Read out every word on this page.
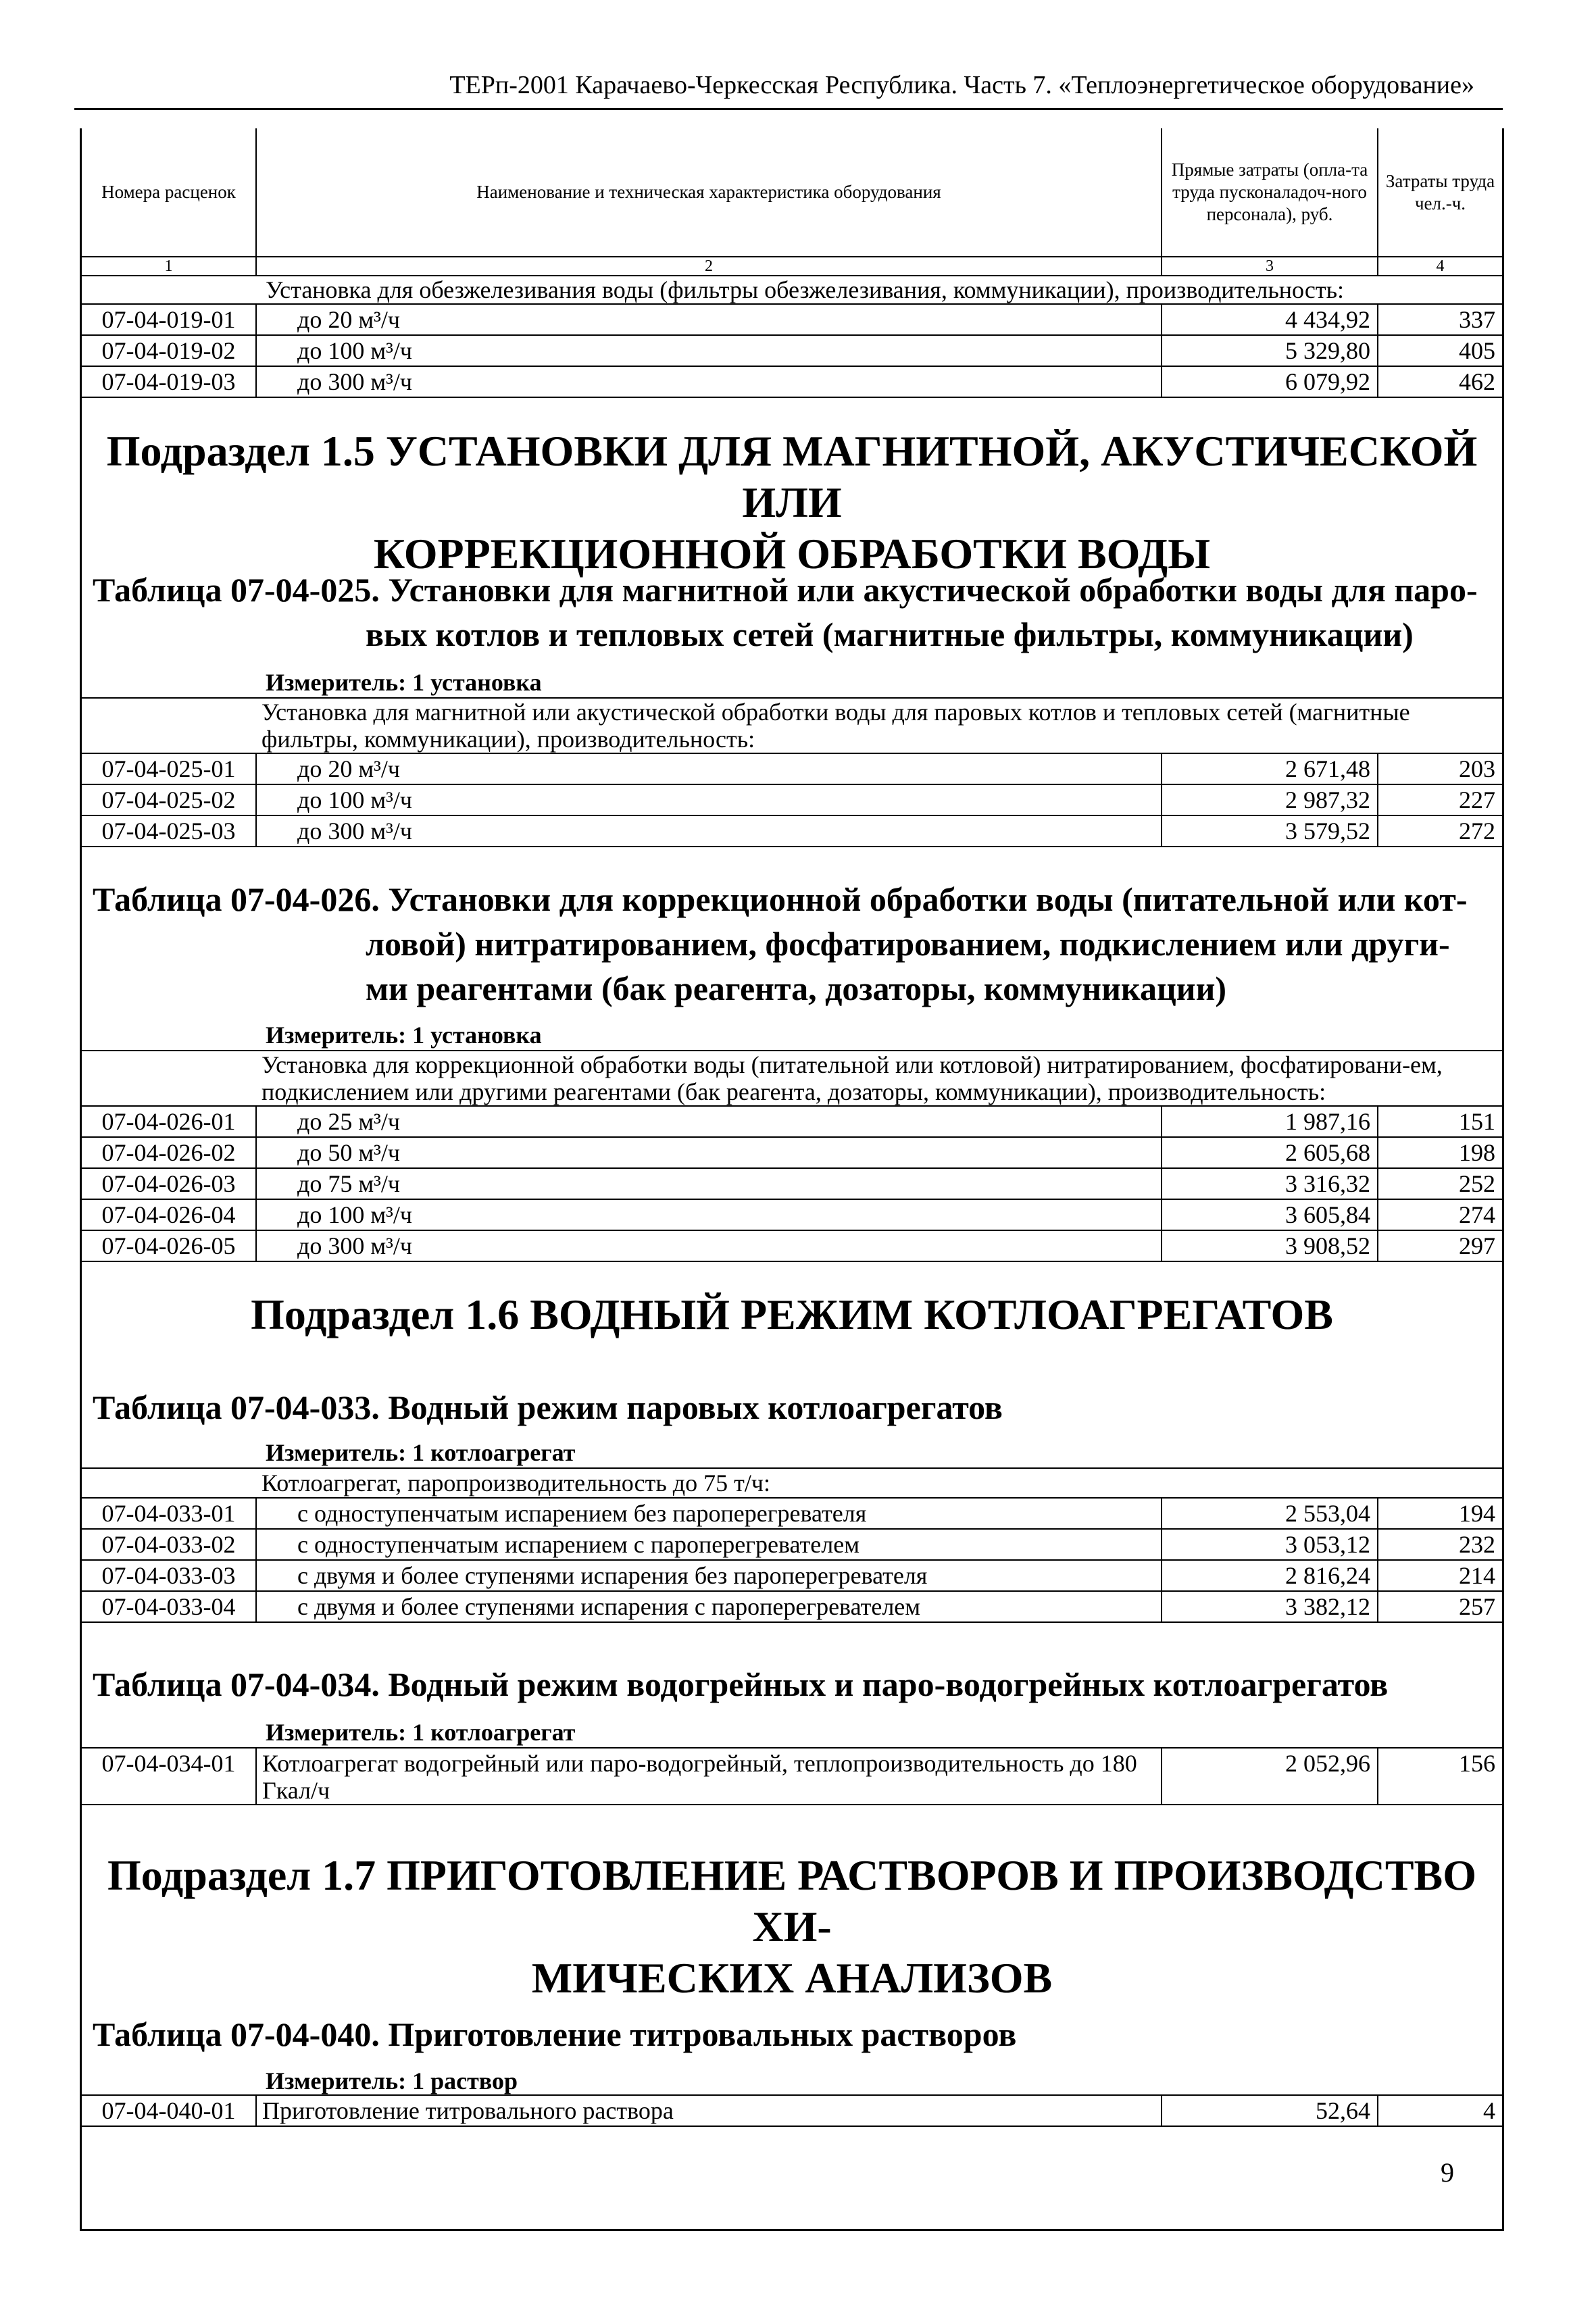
ТЕРп-2001 Карачаево-Черкесская Республика. Часть 7. «Теплоэнергетическое оборудование»
Номера расценок	Наименование и техническая характеристика оборудования	Прямые затраты (опла-та труда пусконаладоч-ного персонала), руб.	Затраты труда чел.-ч.
1	2	3	4
Установка для обезжелезивания воды (фильтры обезжелезивания, коммуникации), производительность:			
07-04-019-01	до 20 м³/ч	4 434,92	337
07-04-019-02	до 100 м³/ч	5 329,80	405
07-04-019-03	до 300 м³/ч	6 079,92	462
Подраздел 1.5 УСТАНОВКИ ДЛЯ МАГНИТНОЙ, АКУСТИЧЕСКОЙ ИЛИ
КОРРЕКЦИОННОЙ ОБРАБОТКИ ВОДЫ
Таблица 07-04-025. Установки для магнитной или акустической обработки воды для паро-
вых котлов и тепловых сетей (магнитные фильтры, коммуникации)
Измеритель: 1 установка
Установка для магнитной или акустической обработки воды для паровых котлов и тепловых сетей (магнитные фильтры, коммуникации), производительность:			
07-04-025-01	до 20 м³/ч	2 671,48	203
07-04-025-02	до 100 м³/ч	2 987,32	227
07-04-025-03	до 300 м³/ч	3 579,52	272
Таблица 07-04-026. Установки для коррекционной обработки воды (питательной или кот-
ловой) нитратированием, фосфатированием, подкислением или други-
ми реагентами (бак реагента, дозаторы, коммуникации)
Измеритель: 1 установка
Установка для коррекционной обработки воды (питательной или котловой) нитратированием, фосфатировани-ем, подкислением или другими реагентами (бак реагента, дозаторы, коммуникации), производительность:			
07-04-026-01	до 25 м³/ч	1 987,16	151
07-04-026-02	до 50 м³/ч	2 605,68	198
07-04-026-03	до 75 м³/ч	3 316,32	252
07-04-026-04	до 100 м³/ч	3 605,84	274
07-04-026-05	до 300 м³/ч	3 908,52	297
Подраздел 1.6 ВОДНЫЙ РЕЖИМ КОТЛОАГРЕГАТОВ
Таблица 07-04-033. Водный режим паровых котлоагрегатов
Измеритель: 1 котлоагрегат
Котлоагрегат, паропроизводительность до 75 т/ч:			
07-04-033-01	с одноступенчатым испарением без пароперегревателя	2 553,04	194
07-04-033-02	с одноступенчатым испарением с пароперегревателем	3 053,12	232
07-04-033-03	с двумя и более ступенями испарения без пароперегревателя	2 816,24	214
07-04-033-04	с двумя и более ступенями испарения с пароперегревателем	3 382,12	257
Таблица 07-04-034. Водный режим водогрейных и паро-водогрейных котлоагрегатов
Измеритель: 1 котлоагрегат
07-04-034-01	Котлоагрегат водогрейный или паро-водогрейный, теплопроизводительность до 180 Гкал/ч	2 052,96	156
Подраздел 1.7 ПРИГОТОВЛЕНИЕ РАСТВОРОВ И ПРОИЗВОДСТВО ХИ-
МИЧЕСКИХ АНАЛИЗОВ
Таблица 07-04-040. Приготовление титровальных растворов
Измеритель: 1 раствор
07-04-040-01	Приготовление титровального раствора	52,64	4
9
